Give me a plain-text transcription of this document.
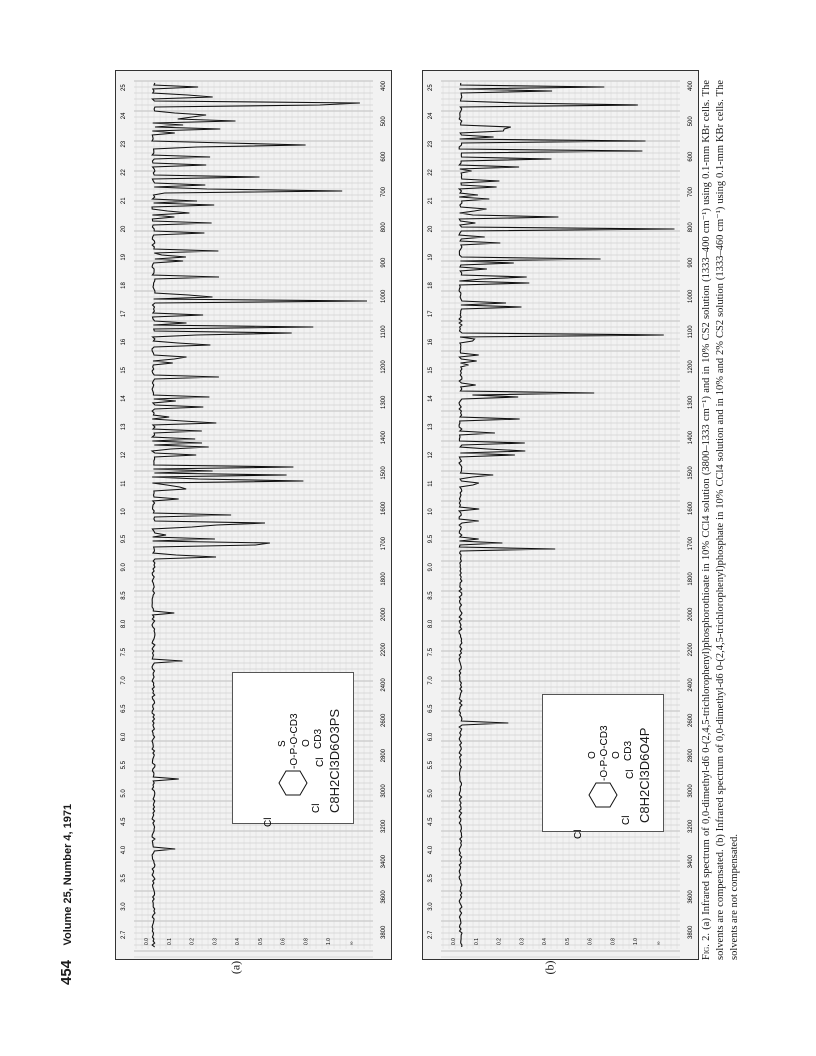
2.7
3.0
3.5
4.0
4.5
5.0
5.5
6.0
6.5
7.0
7.5
8.0
8.5
9.0
9.5
10
11
12
13
14
15
16
17
18
19
20
21
22
23
24
25
3800
3600
3400
3200
3000
2800
2600
2400
2200
2000
1800
1700
1600
1500
1400
1300
1200
1100
1000
900
800
700
600
500
400
0.0	0.1	0.2	0.3	0.4	0.5	0.6	0.8	1.0	∞
(a)
Cl
Cl
Cl
-O-P-O-CD3
S O CD3 C8H2Cl3D6O3PS
2.7
3.0
3.5
4.0
4.5
5.0
5.5
6.0
6.5
7.0
7.5
8.0
8.5
9.0
9.5
10
11
12
13
14
15
16
17
18
19
20
21
22
23
24
25
3800
3600
3400
3200
3000
2800
2600
2400
2200
2000
1800
1700
1600
1500
1400
1300
1200
1100
1000
900
800
700
600
500
400
0.0	0.1	0.2	0.3	0.4	0.5	0.6	0.8	1.0	∞
(b)
Cl
Cl
Cl
-O-P-O-CD3
O O CD3 C8H2Cl3D6O4P
Fig. 2. (a) Infrared spectrum of 0,0-dimethyl-d6 0-(2,4,5-trichlorophenyl)phosphorothioate in 10% CCl4 solution (3800–1333 cm⁻¹) and in 10% CS2 solution (1333–400 cm⁻¹) using 0.1-mm KBr cells. The solvents are compensated. (b) Infrared spectrum of 0,0-dimethyl-d6 0-(2,4,5-trichlorophenyl)phosphate in 10% CCl4 solution and in 10% and 2% CS2 solution (1333–460 cm⁻¹) using 0.1-mm KBr cells. The solvents are not compensated.
454 Volume 25, Number 4, 1971
